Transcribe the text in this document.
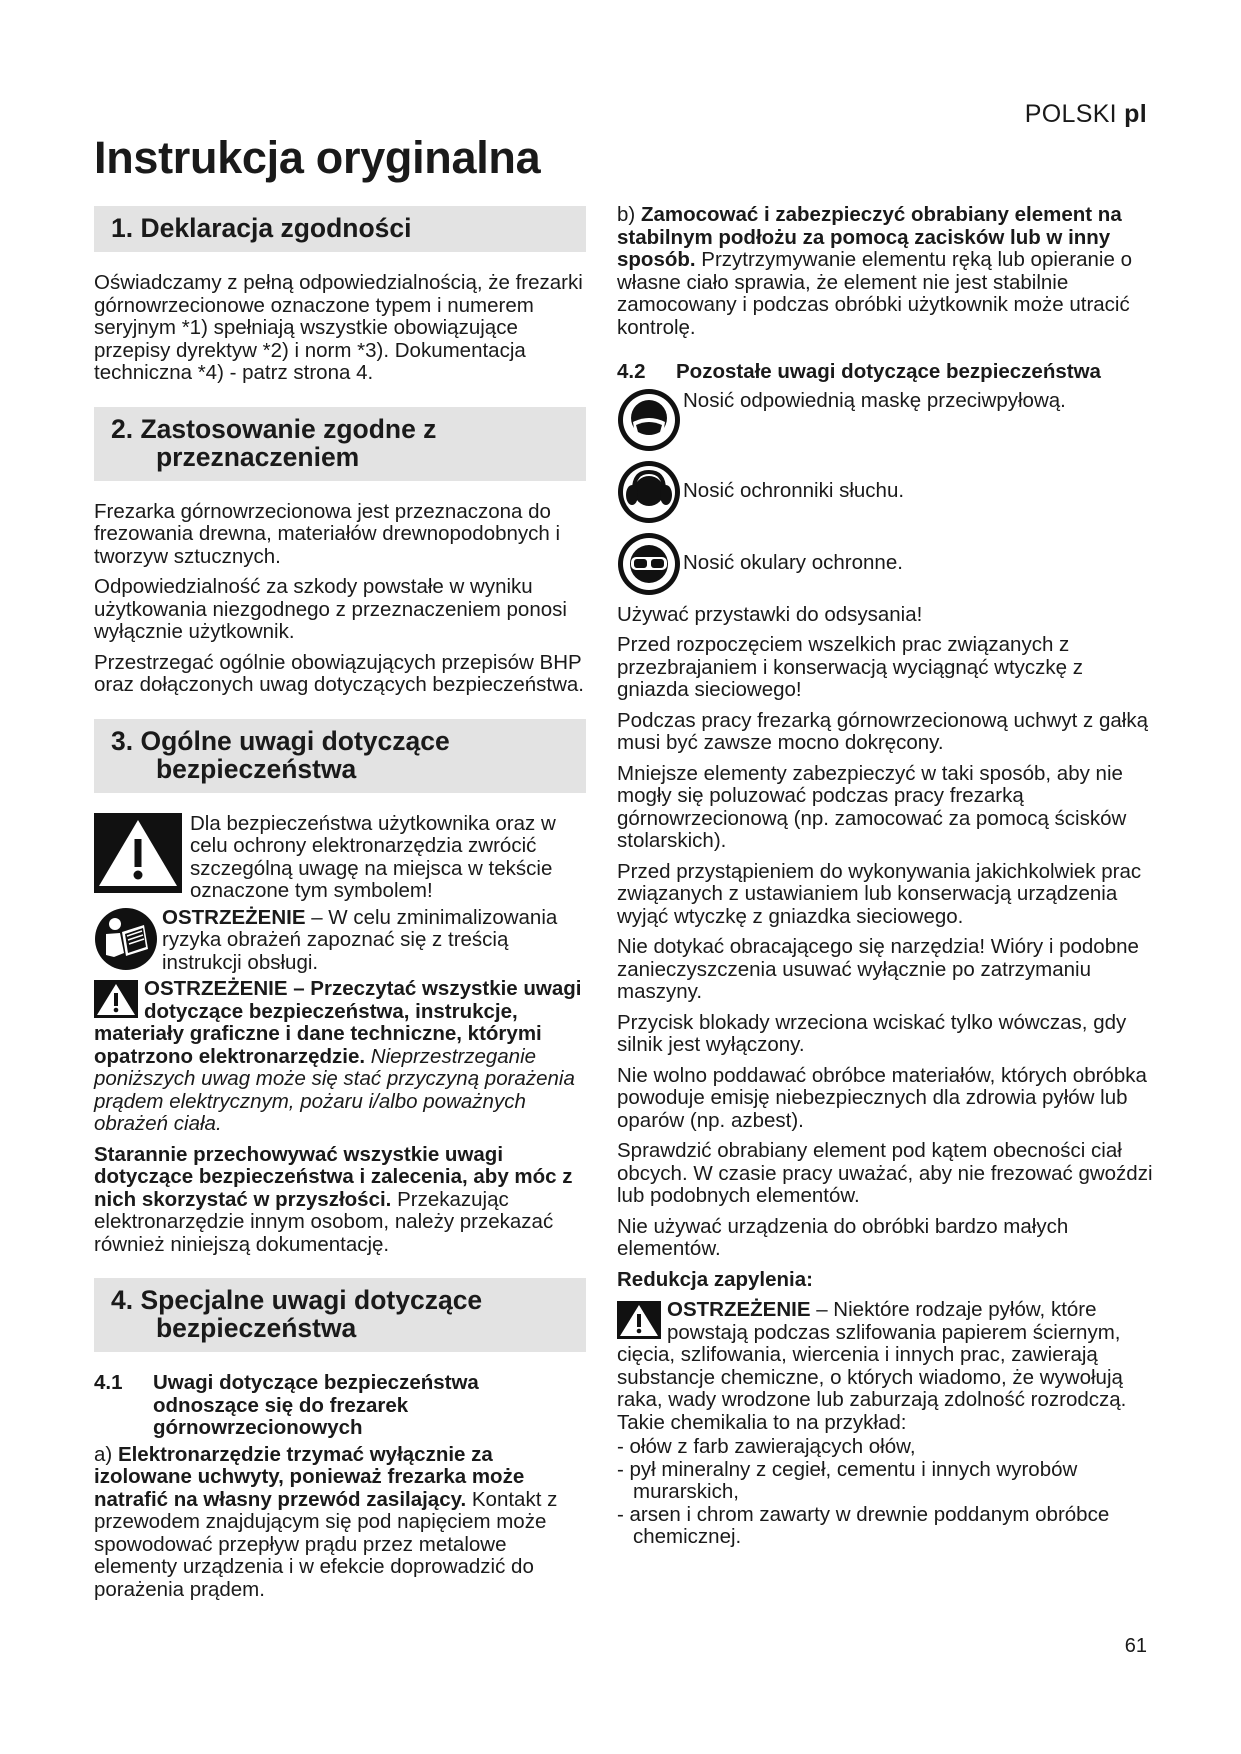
POLSKI pl
Instrukcja oryginalna
1. Deklaracja zgodności

Oświadczamy z pełną odpowiedzialnością, że frezarki górnowrzecionowe oznaczone typem i numerem seryjnym *1) spełniają wszystkie obowiązujące przepisy dyrektyw *2) i norm *3). Dokumentacja techniczna *4) - patrz strona 4.

2. Zastosowanie zgodne z
przeznaczeniem

Frezarka górnowrzecionowa jest przeznaczona do frezowania drewna, materiałów drewnopodobnych i tworzyw sztucznych.

Odpowiedzialność za szkody powstałe w wyniku użytkowania niezgodnego z przeznaczeniem ponosi wyłącznie użytkownik.

Przestrzegać ogólnie obowiązujących przepisów BHP oraz dołączonych uwag dotyczących bezpieczeństwa.

3. Ogólne uwagi dotyczące
bezpieczeństwa
Dla bezpieczeństwa użytkownika oraz w celu ochrony elektronarzędzia zwrócić szczególną uwagę na miejsca w tekście oznaczone tym symbolem!
OSTRZEŻENIE – W celu zminimalizowania ryzyka obrażeń zapoznać się z treścią instrukcji obsługi.
OSTRZEŻENIE – Przeczytać wszystkie uwagi dotyczące bezpieczeństwa, instrukcje, materiały graficzne i dane techniczne, którymi opatrzono elektronarzędzie. Nieprzestrzeganie poniższych uwag może się stać przyczyną porażenia prądem elektrycznym, pożaru i/albo poważnych obrażeń ciała.

Starannie przechowywać wszystkie uwagi dotyczące bezpieczeństwa i zalecenia, aby móc z nich skorzystać w przyszłości. Przekazując elektronarzędzie innym osobom, należy przekazać również niniejszą dokumentację.

4. Specjalne uwagi dotyczące
bezpieczeństwa
4.1	Uwagi dotyczące bezpieczeństwa odnoszące się do frezarek górnowrzecionowych

a) Elektronarzędzie trzymać wyłącznie za izolowane uchwyty, ponieważ frezarka może natrafić na własny przewód zasilający. Kontakt z przewodem znajdującym się pod napięciem może spowodować przepływ prądu przez metalowe elementy urządzenia i w efekcie doprowadzić do porażenia prądem.

b) Zamocować i zabezpieczyć obrabiany element na stabilnym podłożu za pomocą zacisków lub w inny sposób. Przytrzymywanie elementu ręką lub opieranie o własne ciało sprawia, że element nie jest stabilnie zamocowany i podczas obróbki użytkownik może utracić kontrolę.

4.2	Pozostałe uwagi dotyczące bezpieczeństwa
Nosić odpowiednią maskę przeciwpyłową.
Nosić ochronniki słuchu.
Nosić okulary ochronne.

Używać przystawki do odsysania!

Przed rozpoczęciem wszelkich prac związanych z przezbrajaniem i konserwacją wyciągnąć wtyczkę z gniazda sieciowego!

Podczas pracy frezarką górnowrzecionową uchwyt z gałką musi być zawsze mocno dokręcony.

Mniejsze elementy zabezpieczyć w taki sposób, aby nie mogły się poluzować podczas pracy frezarką górnowrzecionową (np. zamocować za pomocą ścisków stolarskich).

Przed przystąpieniem do wykonywania jakichkolwiek prac związanych z ustawianiem lub konserwacją urządzenia wyjąć wtyczkę z gniazdka sieciowego.

Nie dotykać obracającego się narzędzia! Wióry i podobne zanieczyszczenia usuwać wyłącznie po zatrzymaniu maszyny.

Przycisk blokady wrzeciona wciskać tylko wówczas, gdy silnik jest wyłączony.

Nie wolno poddawać obróbce materiałów, których obróbka powoduje emisję niebezpiecznych dla zdrowia pyłów lub oparów (np. azbest).

Sprawdzić obrabiany element pod kątem obecności ciał obcych. W czasie pracy uważać, aby nie frezować gwoździ lub podobnych elementów.

Nie używać urządzenia do obróbki bardzo małych elementów.

Redukcja zapylenia:

OSTRZEŻENIE – Niektóre rodzaje pyłów, które powstają podczas szlifowania papierem ściernym, cięcia, szlifowania, wiercenia i innych prac, zawierają substancje chemiczne, o których wiadomo, że wywołują raka, wady wrodzone lub zaburzają zdolność rozrodczą. Takie chemikalia to na przykład:
- ołów z farb zawierających ołów,
- pył mineralny z cegieł, cementu i innych wyrobów murarskich,
- arsen i chrom zawarty w drewnie poddanym obróbce chemicznej.
61
